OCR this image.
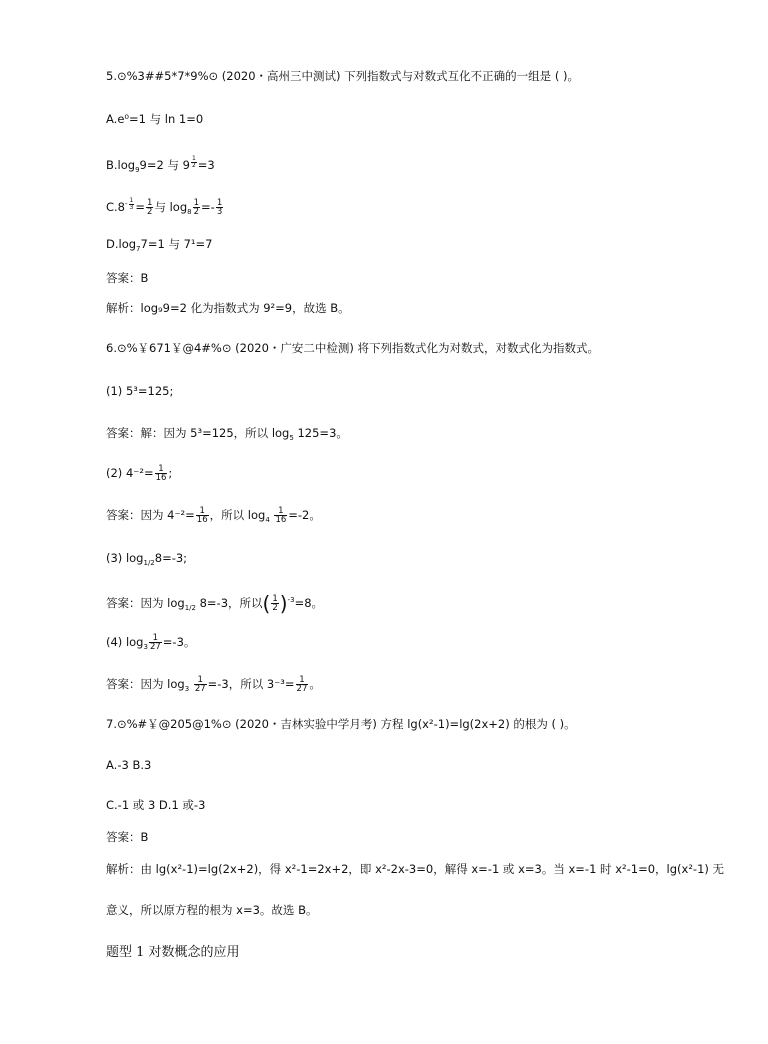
5.⊙%3##5*7*9%⊙ (2020・高州三中测试) 下列指数式与对数式互化不正确的一组是 ( )。
A.e⁰=1 与 ln 1=0
$B.\log_99=2$ 与 9 $^{\frac{1}{2}}$ =3
$C.8^{- \frac{1}{3}} = \frac{1}{2}$ 与 $\log_8 \frac{1}{2} =- \frac{1}{3}$
$D.\log_77=1$ 与 7¹=7
答案：B
解析：log₉9=2 化为指数式为 9²=9，故选 B。
6.⊙%￥671￥@4#%⊙ (2020・广安二中检测) 将下列指数式化为对数式，对数式化为指数式。
(1) 5³=125;
答案：解：因为 5³=125，所以 $\log_5 125=3$。
(2) $4^{-2}= \frac{1}{16}$ ;
答案：因为 $4^{-2}= \frac{1}{16}$ ，所以 $\log_4 \frac{1}{16} =-2$。
(3) $\log_{1/2}8=-3$;
答案：因为 $\log_{1/2} 8=-3$，所以( $\frac{1}{2} )^{-3}=8$。
(4) $\log_3 \frac{1}{27} =-3$。
答案：因为 $\log_3 \frac{1}{27} =-3$，所以 $3^{-3}= \frac{1}{27}$ 。
7.⊙%#￥@205@1%⊙ (2020・吉林实验中学月考) 方程 lg(x²-1)=lg(2x+2) 的根为 ( )。
A.-3 B.3
C.-1 或 3 D.1 或-3
答案：B
解析：由 lg(x²-1)=lg(2x+2)，得 x²-1=2x+2，即 x²-2x-3=0，解得 x=-1 或 x=3。当 x=-1 时 x²-1=0，lg(x²-1) 无
意义，所以原方程的根为 x=3。故选 B。
题型 1 对数概念的应用
